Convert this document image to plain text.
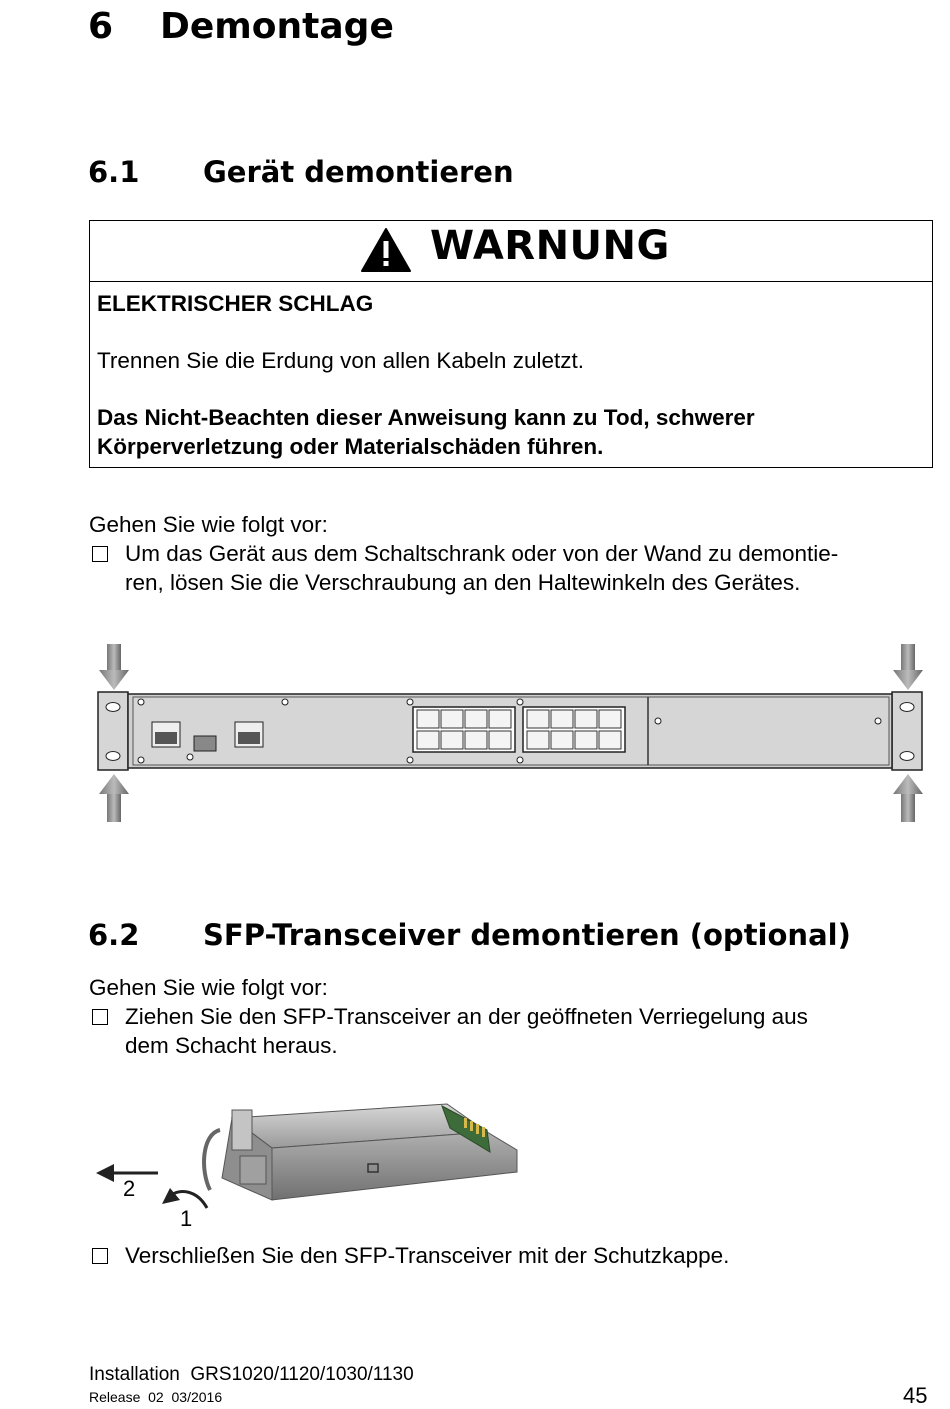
6 Demontage
6.1 Gerät demontieren
WARNUNG
ELEKTRISCHER SCHLAG
Trennen Sie die Erdung von allen Kabeln zuletzt.
Das Nicht-Beachten dieser Anweisung kann zu Tod, schwerer
Körperverletzung oder Materialschäden führen.
Gehen Sie wie folgt vor:
Um das Gerät aus dem Schaltschrank oder von der Wand zu demontie-
ren, lösen Sie die Verschraubung an den Haltewinkeln des Gerätes.
6.2 SFP-Transceiver demontieren (optional)
Gehen Sie wie folgt vor:
Ziehen Sie den SFP-Transceiver an der geöffneten Verriegelung aus
dem Schacht heraus.
2
1
Verschließen Sie den SFP-Transceiver mit der Schutzkappe.
Installation  GRS1020/1120/1030/1130
Release  02  03/2016	45
